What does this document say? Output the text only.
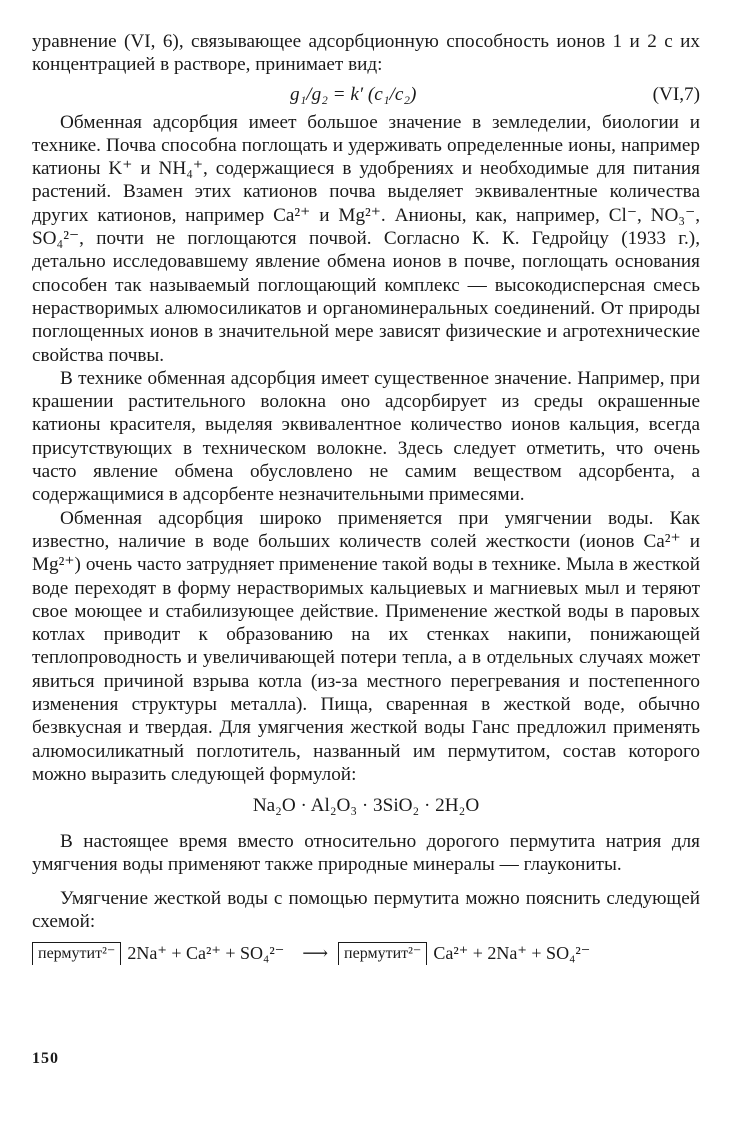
уравнение (VI, 6), связывающее адсорбционную способность ионов 1 и 2 с их концентрацией в растворе, принимает вид:

g₁/g₂ = k′ (c₁/c₂)	(VI,7)

Обменная адсорбция имеет большое значение в земледелии, биологии и технике. Почва способна поглощать и удерживать определенные ионы, например катионы K⁺ и NH₄⁺, содержащиеся в удобрениях и необходимые для питания растений. Взамен этих катионов почва выделяет эквивалентные количества других катионов, например Ca²⁺ и Mg²⁺. Анионы, как, например, Cl⁻, NO₃⁻, SO₄²⁻, почти не поглощаются почвой. Согласно К. К. Гедройцу (1933 г.), детально исследовавшему явление обмена ионов в почве, поглощать основания способен так называемый поглощающий комплекс — высокодисперсная смесь нерастворимых алюмосиликатов и органоминеральных соединений. От природы поглощенных ионов в значительной мере зависят физические и агротехнические свойства почвы.

В технике обменная адсорбция имеет существенное значение. Например, при крашении растительного волокна оно адсорбирует из среды окрашенные катионы красителя, выделяя эквивалентное количество ионов кальция, всегда присутствующих в техническом волокне. Здесь следует отметить, что очень часто явление обмена обусловлено не самим веществом адсорбента, а содержащимися в адсорбенте незначительными примесями.

Обменная адсорбция широко применяется при умягчении воды. Как известно, наличие в воде больших количеств солей жесткости (ионов Ca²⁺ и Mg²⁺) очень часто затрудняет применение такой воды в технике. Мыла в жесткой воде переходят в форму нерастворимых кальциевых и магниевых мыл и теряют свое моющее и стабилизующее действие. Применение жесткой воды в паровых котлах приводит к образованию на их стенках накипи, понижающей теплопроводность и увеличивающей потери тепла, а в отдельных случаях может явиться причиной взрыва котла (из-за местного перегревания и постепенного изменения структуры металла). Пища, сваренная в жесткой воде, обычно безвкусная и твердая. Для умягчения жесткой воды Ганс предложил применять алюмосиликатный поглотитель, названный им пермутитом, состав которого можно выразить следующей формулой:

Na₂O · Al₂O₃ · 3SiO₂ · 2H₂O

В настоящее время вместо относительно дорогого пермутита натрия для умягчения воды применяют также природные минералы — глаукониты.

Умягчение жесткой воды с помощью пермутита можно пояснить следующей схемой:

пермутит²⁻ 2Na⁺ + Ca²⁺ + SO₄²⁻ ⟶	пермутит²⁻ Ca²⁺ + 2Na⁺ + SO₄²⁻
150
